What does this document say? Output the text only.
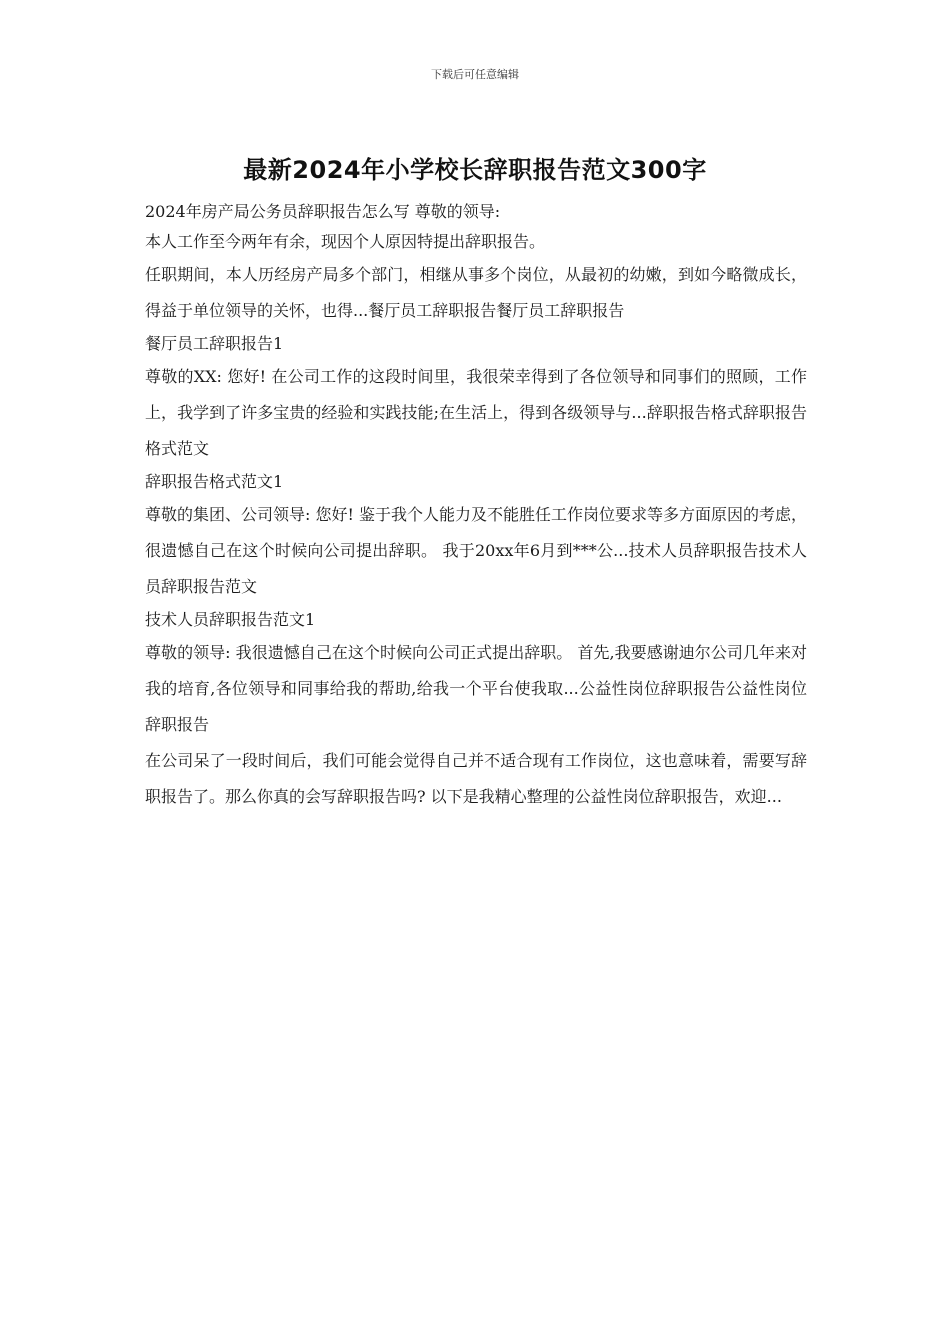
下载后可任意编辑
最新2024年小学校长辞职报告范文300字

2024年房产局公务员辞职报告怎么写 尊敬的领导:

本人工作至今两年有余，现因个人原因特提出辞职报告。

任职期间，本人历经房产局多个部门，相继从事多个岗位，从最初的幼嫩，到如今略微成长，得益于单位领导的关怀，也得...餐厅员工辞职报告餐厅员工辞职报告

餐厅员工辞职报告1

尊敬的XX: 您好! 在公司工作的这段时间里，我很荣幸得到了各位领导和同事们的照顾，工作上，我学到了许多宝贵的经验和实践技能;在生活上，得到各级领导与...辞职报告格式辞职报告格式范文

辞职报告格式范文1

尊敬的集团、公司领导: 您好! 鉴于我个人能力及不能胜任工作岗位要求等多方面原因的考虑，很遗憾自己在这个时候向公司提出辞职。 我于20xx年6月到***公...技术人员辞职报告技术人员辞职报告范文

技术人员辞职报告范文1

尊敬的领导: 我很遗憾自己在这个时候向公司正式提出辞职。 首先,我要感谢迪尔公司几年来对我的培育,各位领导和同事给我的帮助,给我一个平台使我取...公益性岗位辞职报告公益性岗位辞职报告

在公司呆了一段时间后，我们可能会觉得自己并不适合现有工作岗位，这也意味着，需要写辞职报告了。那么你真的会写辞职报告吗? 以下是我精心整理的公益性岗位辞职报告，欢迎...
